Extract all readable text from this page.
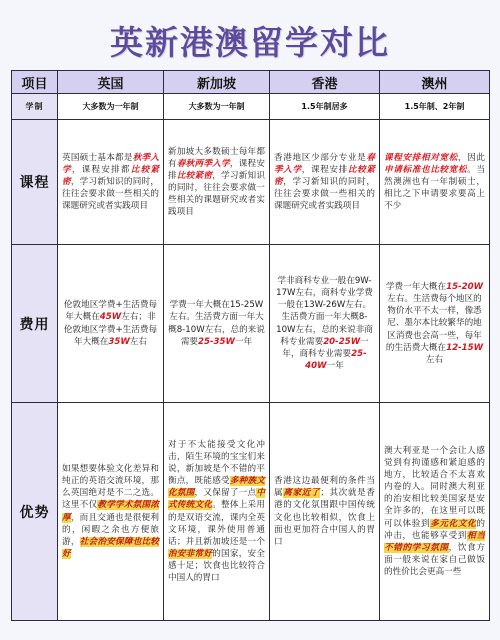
英新港澳留学对比
项目	英国	新加坡	香港	澳州
学制	大多数为一年制	大多数为一年制	1.5年制居多	1.5年制、2年制
课程	英国硕士基本都是秋季入学，课程安排都比较紧密，学习新知识的同时，往往会要求做一些相关的课题研究或者实践项目	新加坡大多数硕士每年都有春秋两季入学，课程安排比较紧密，学习新知识的同时，往往会要求做一些相关的课题研究或者实践项目	香港地区少部分专业是春季入学，课程安排比较紧密，学习新知识的同时，往往会要求做一些相关的课题研究或者实践项目	课程安排相对宽松，因此申请标准也比较宽松。当然澳洲也有一年制硕士，相比之下申请要求要高上不少
费用	伦敦地区学费+生活费每年大概在45W左右；非伦敦地区学费+生活费每年大概在35W左右	学费一年大概在15-25W左右。生活费方面一年大概8-10W左右，总的来说需要25-35W一年	学非商科专业一般在9W-17W左右，商科专业学费一般在13W-26W左右。生活费方面一年大概8-10W左右，总的来说非商科专业需要20-25W一年，商科专业需要25-40W一年	学费一年大概在15-20W左右。生活费每个地区的物价水平不太一样，像悉尼、墨尔本比较繁华的地区消费也会高一些，每年的生活费大概在12-15W左右
优势	如果想要体验文化差异和纯正的英语交流环境，那么英国绝对是不二之选。这里不仅教学学术氛围浓厚，而且交通也是很便利的，闲暇之余也方便旅游，社会治安保障也比较好	对于不太能接受文化冲击，陌生环境的宝宝们来说，新加坡是个不错的平衡点，既能感受多种族文化氛围，又保留了一点中式传统文化。整体上采用的是双语交流，课内全英文环境，课外使用普通话；并且新加坡还是一个治安非常好的国家，安全感十足；饮食也比较符合中国人的胃口	香港这边最便利的条件当属离家近了；其次就是香港的文化氛围跟中国传统文化也比较相似，饮食上面也更加符合中国人的胃口	澳大利亚是一个会让人感觉到有拘谨感和紧迫感的地方，比较适合不太喜欢内卷的人。同时澳大利亚的治安相比较美国家是安全许多的，在这里可以既可以体验到多元化文化的冲击，也能够享受到相当不错的学习氛围，饮食方面一般来说在家自己做饭的性价比会更高一些
